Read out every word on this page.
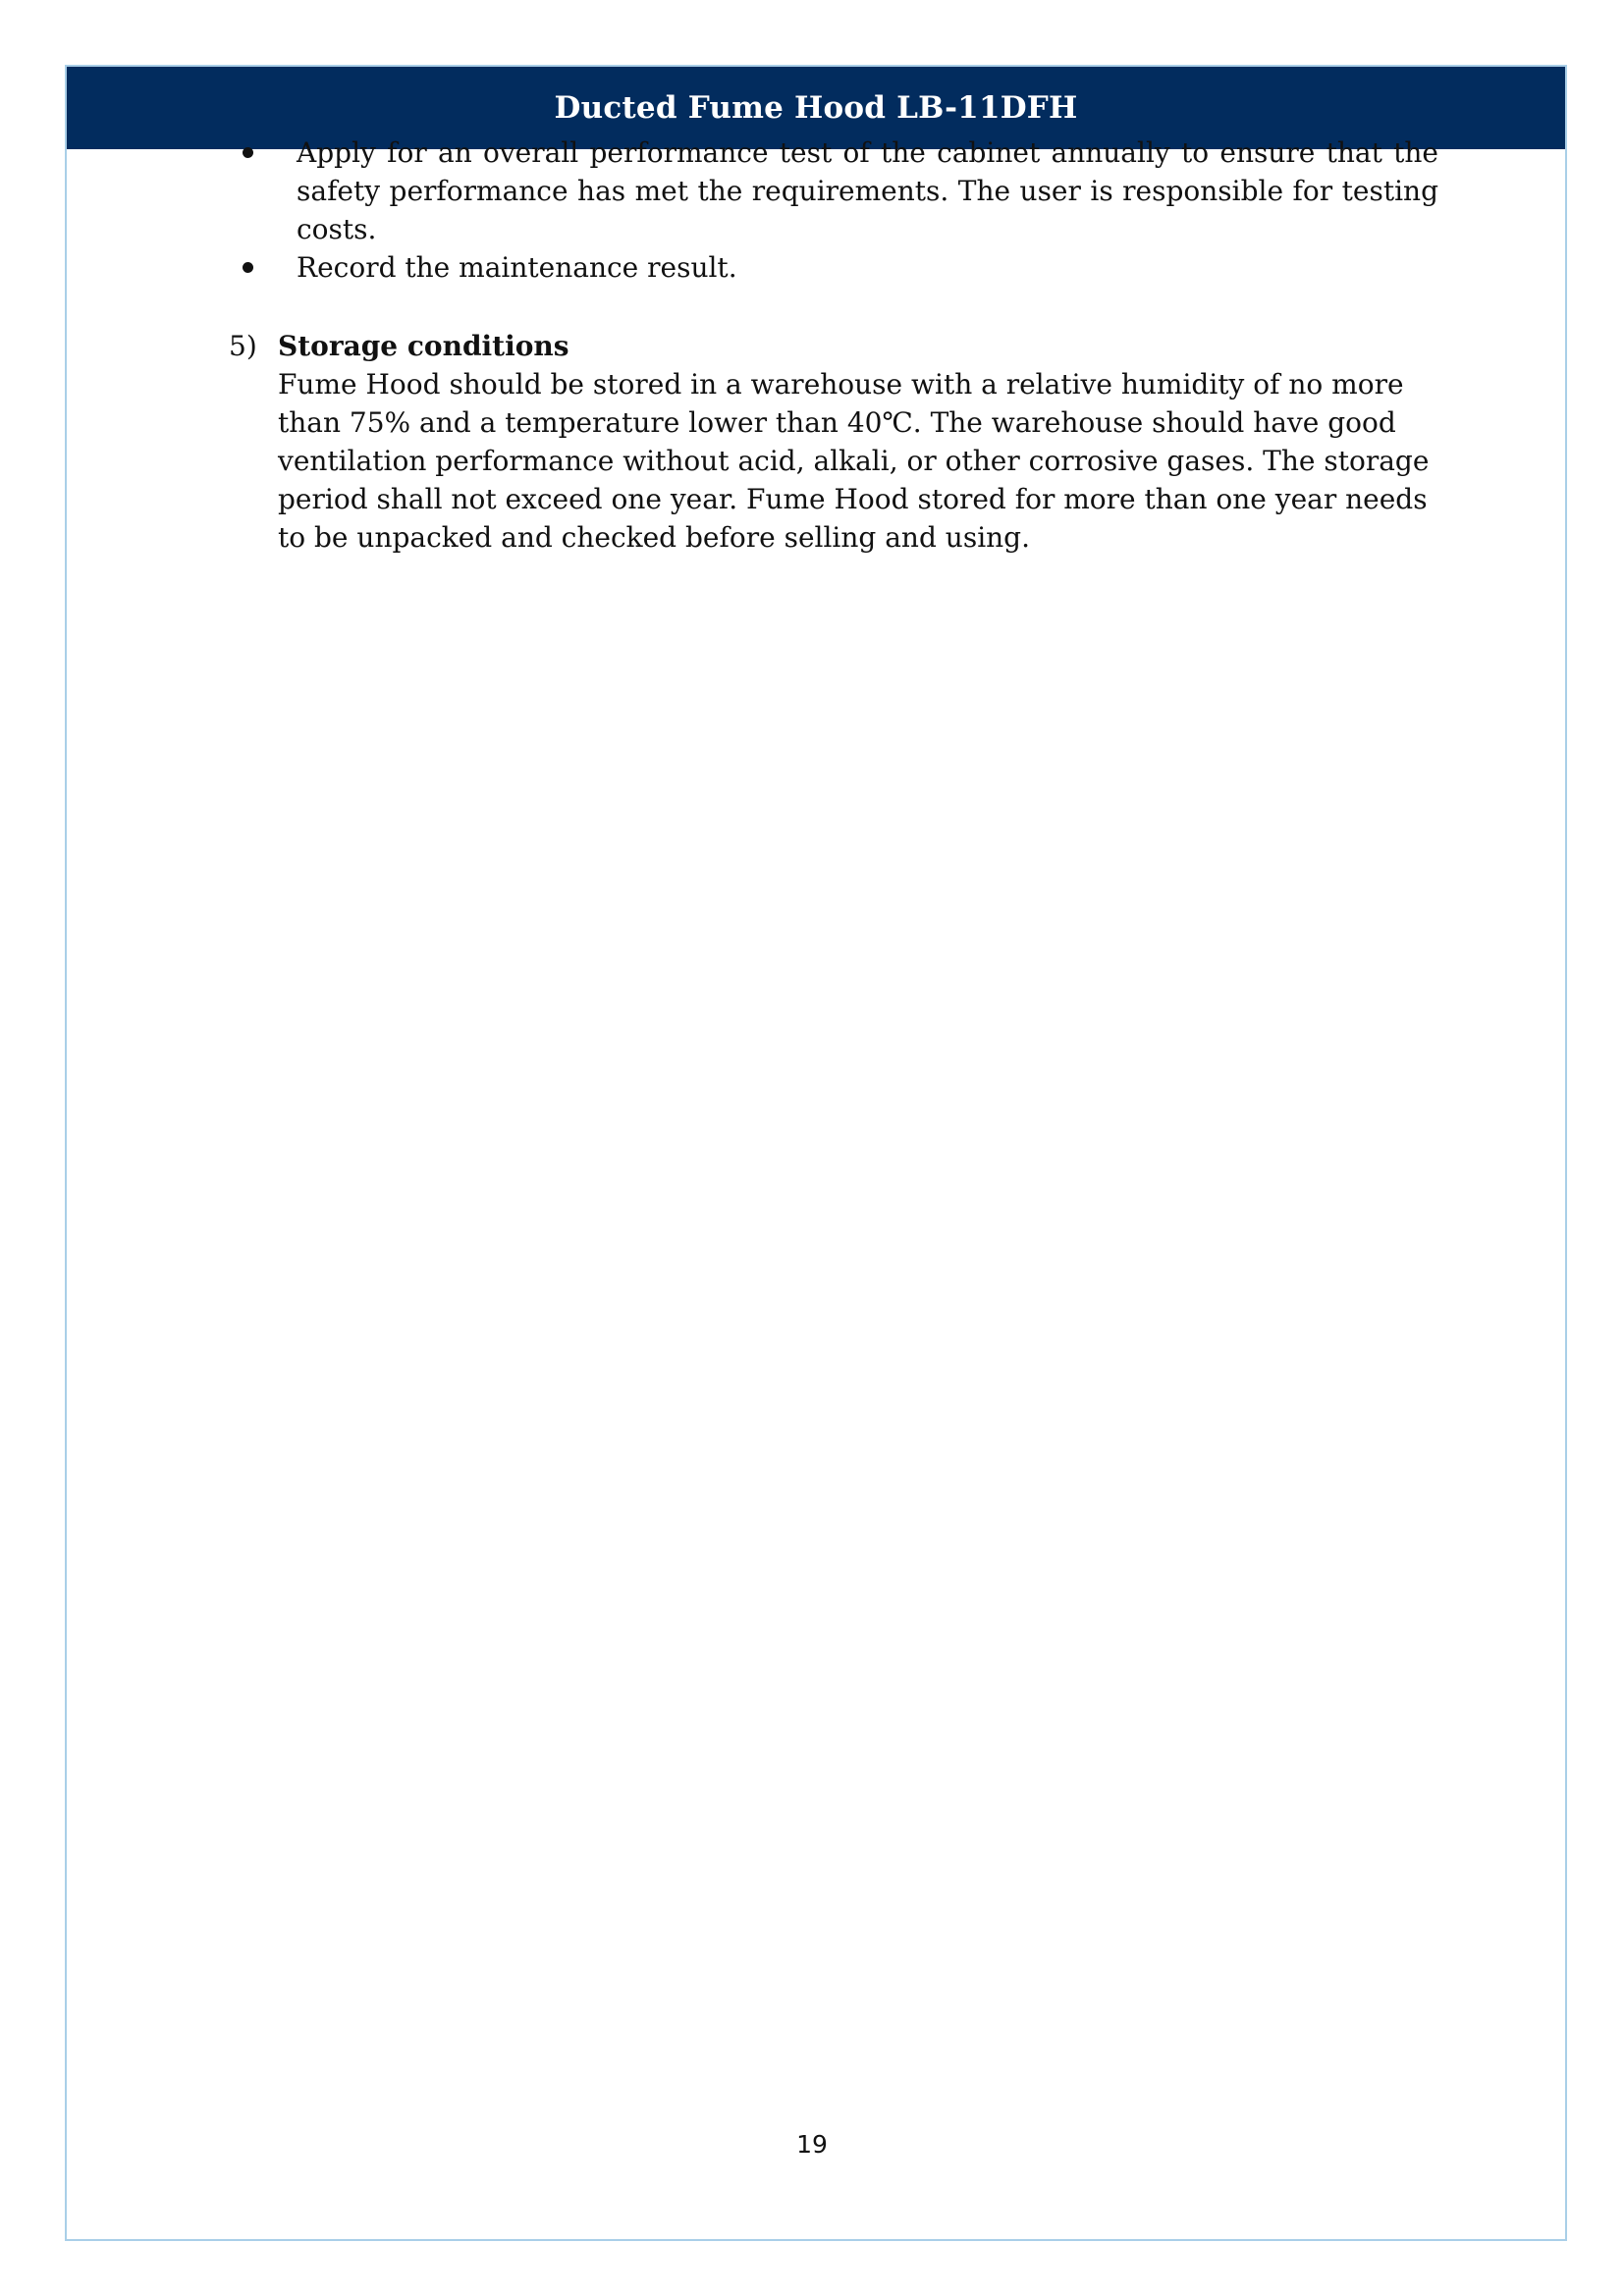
Ducted Fume Hood LB-11DFH
Apply for an overall performance test of the cabinet annually to ensure that the safety performance has met the requirements. The user is responsible for testing costs.
Record the maintenance result.
5) Storage conditions
Fume Hood should be stored in a warehouse with a relative humidity of no more than 75% and a temperature lower than 40℃. The warehouse should have good ventilation performance without acid, alkali, or other corrosive gases. The storage period shall not exceed one year. Fume Hood stored for more than one year needs to be unpacked and checked before selling and using.
19
